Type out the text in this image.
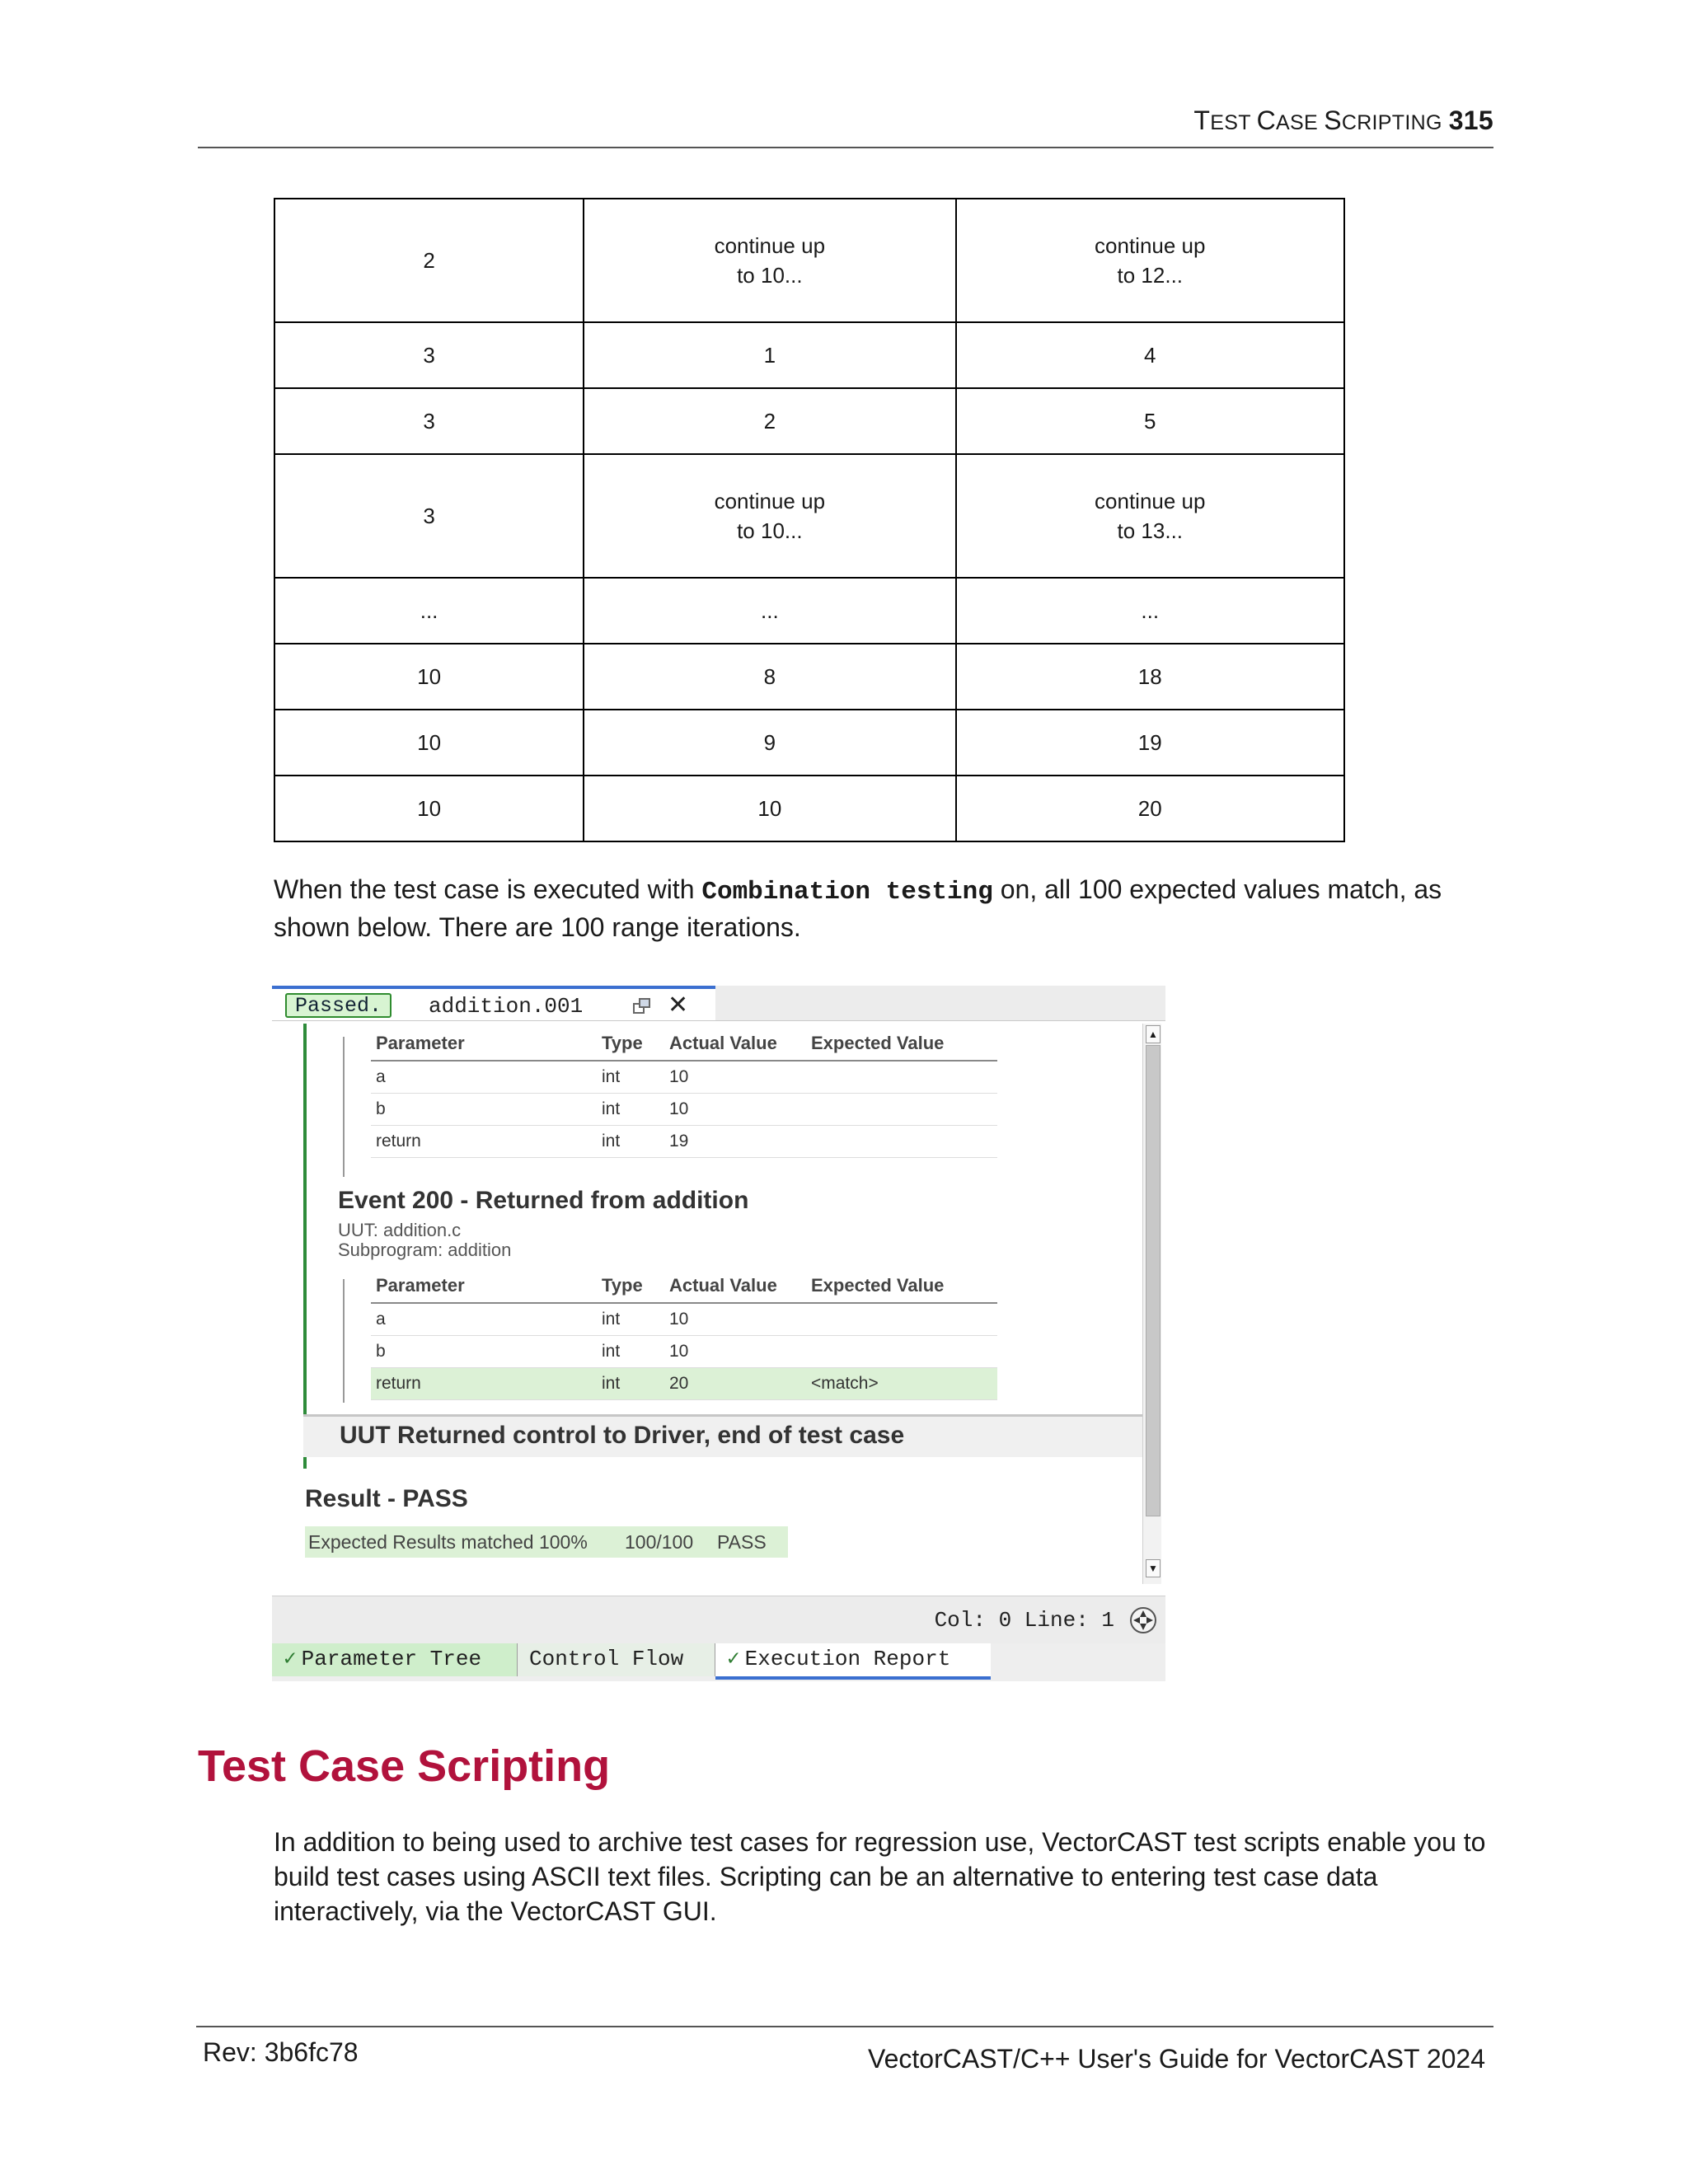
TEST CASE SCRIPTING 315
2	continue up to 10...	continue up to 12...
3	1	4
3	2	5
3	continue up to 10...	continue up to 13...
...	...	...
10	8	18
10	9	19
10	10	20

When the test case is executed with Combination testing on, all 100 expected values match, as shown below. There are 100 range iterations.

Passed.	addition.001	✕
▲
▼
Parameter	Type	Actual Value	Expected Value
a	int	10	
b	int	10	
return	int	19	
Event 200 - Returned from addition
UUT: addition.c
Subprogram: addition
Parameter	Type	Actual Value	Expected Value
a	int	10	
b	int	10	
return	int	20	<match>
UUT Returned control to Driver, end of test case
Result - PASS
Expected Results matched 100% 100/100 PASS
Col: 0 Line: 1
✓ Parameter Tree	Control Flow	✓ Execution Report
Test Case Scripting

In addition to being used to archive test cases for regression use, VectorCAST test scripts enable you to build test cases using ASCII text files. Scripting can be an alternative to entering test case data interactively, via the VectorCAST GUI.

Rev: 3b6fc78	VectorCAST/C++ User's Guide for VectorCAST 2024
